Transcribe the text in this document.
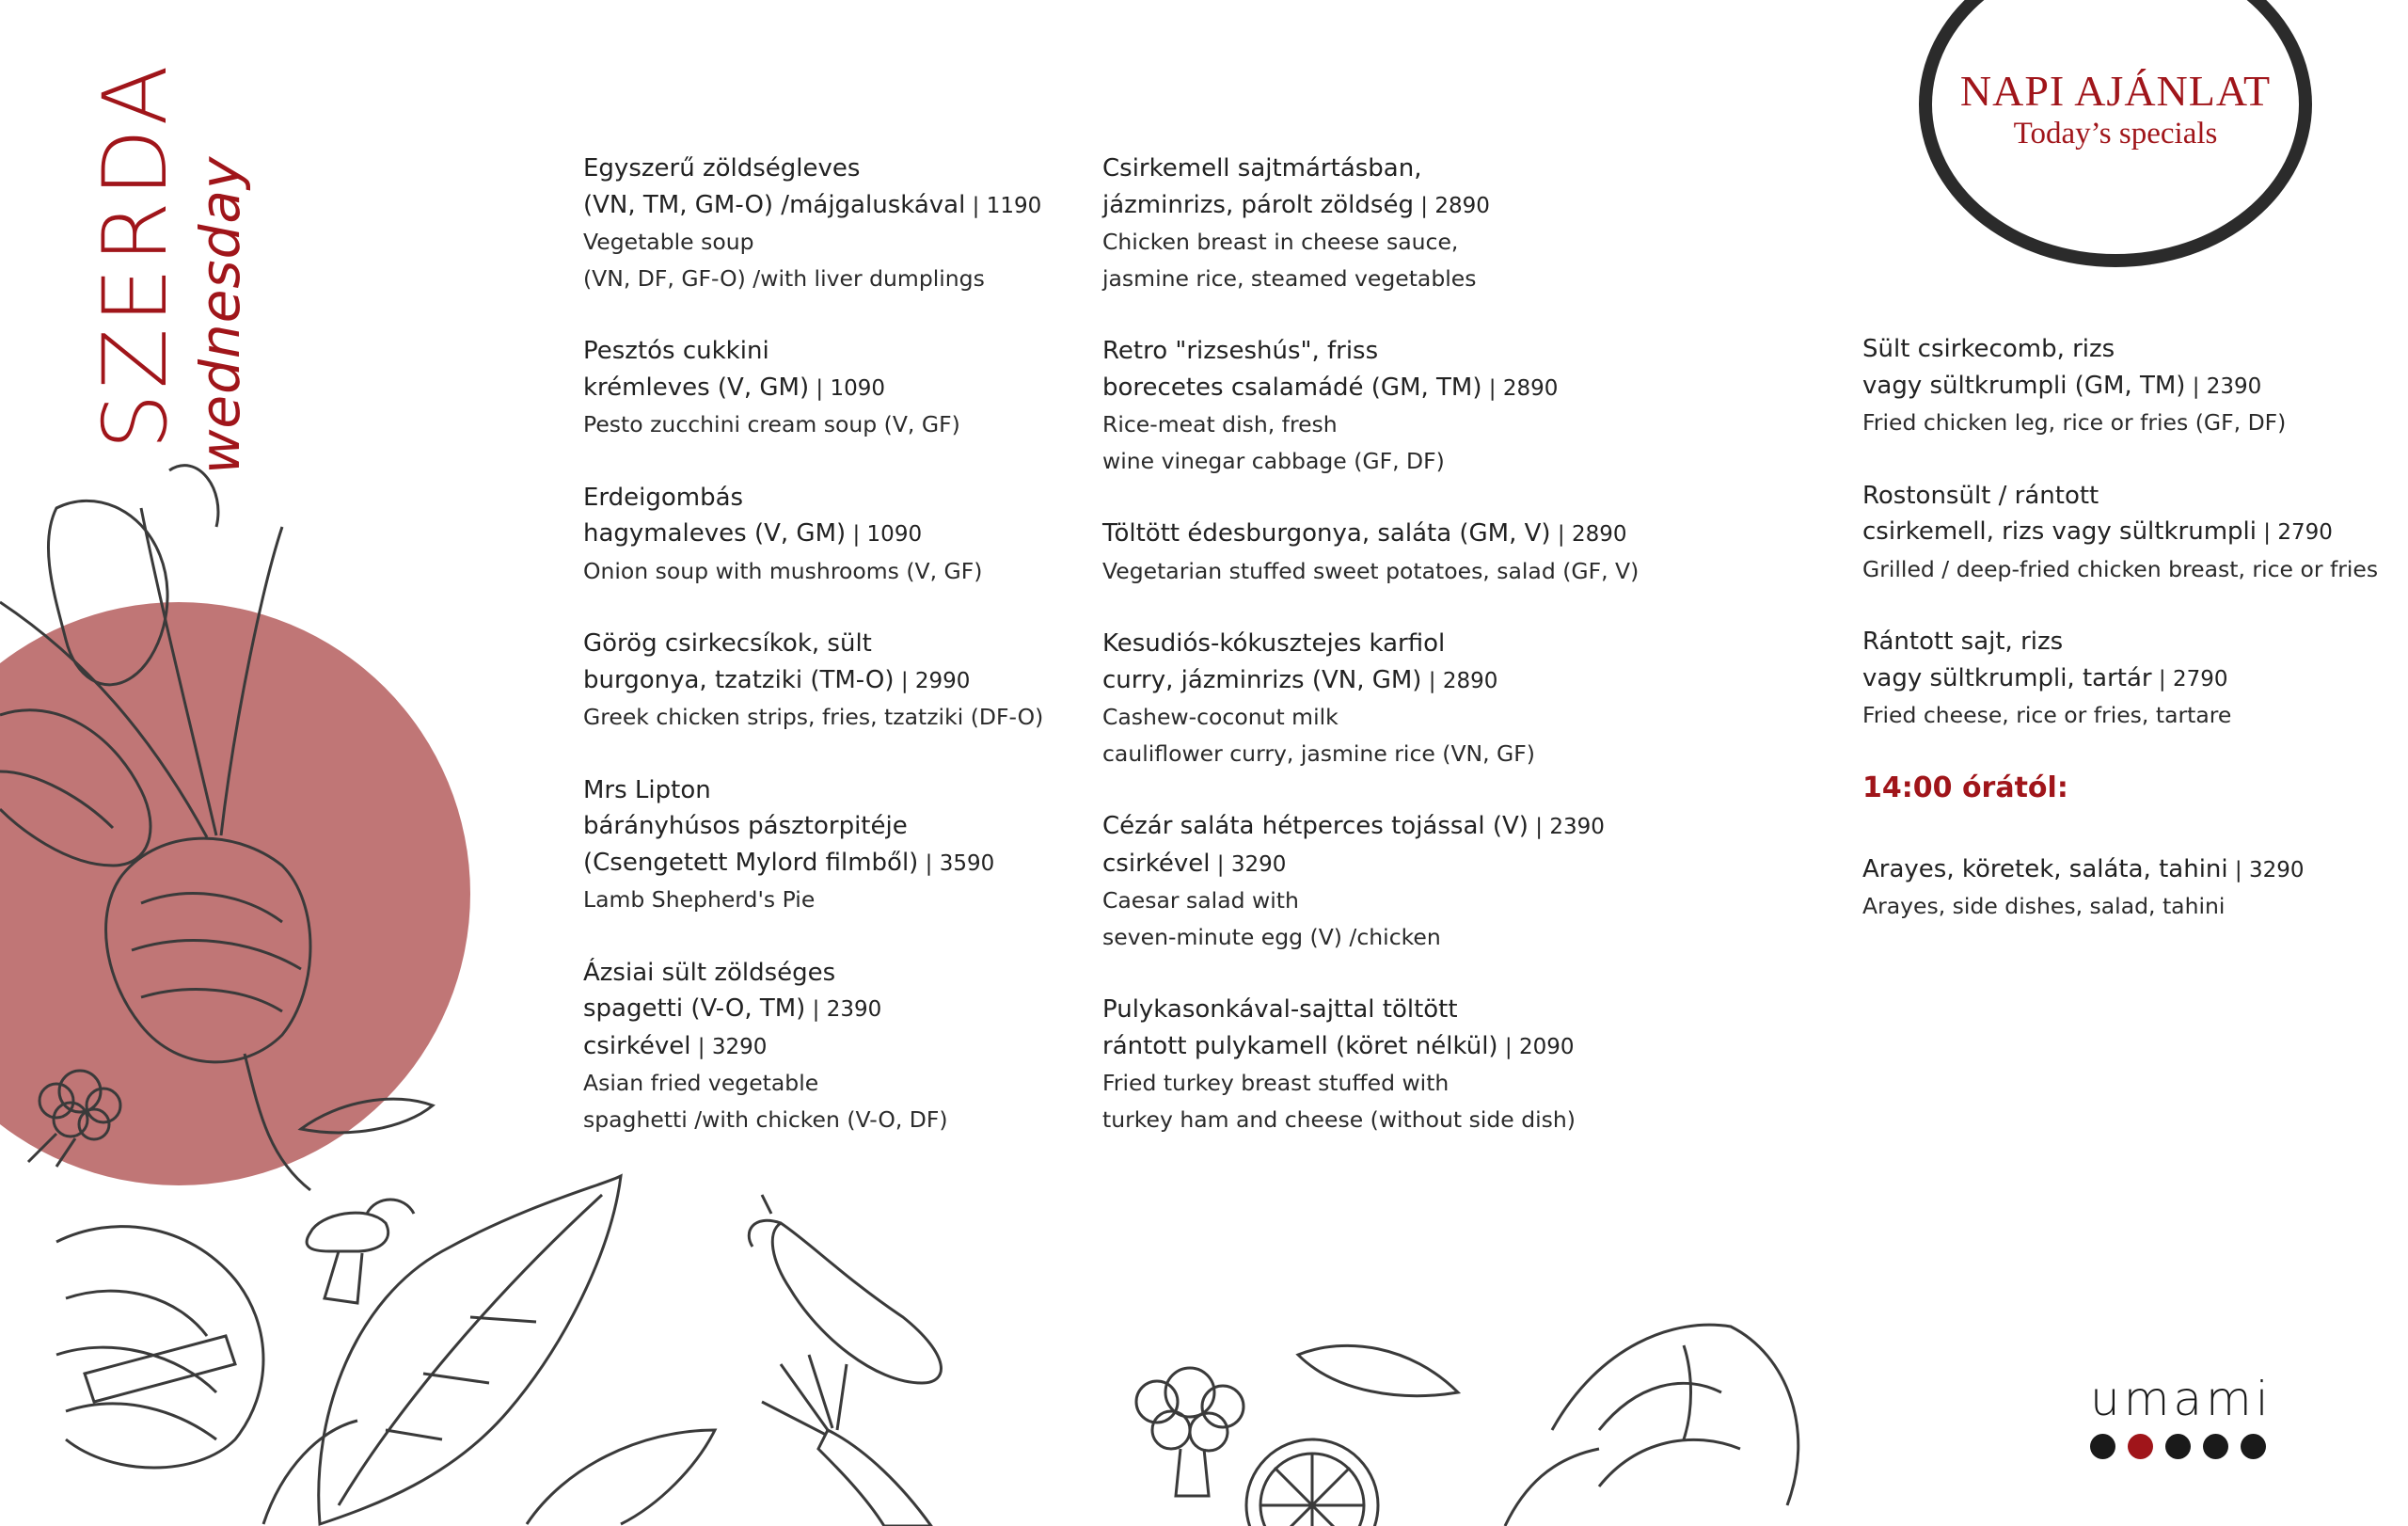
SZERDA wednesday
NAPI AJÁNLAT
Today’s specials
Egyszerű zöldségleves
(VN, TM, GM-O) /májgaluskával | 1190
Vegetable soup
(VN, DF, GF-O) /with liver dumplings
Pesztós cukkini
krémleves (V, GM) | 1090
Pesto zucchini cream soup (V, GF)
Erdeigombás
hagymaleves (V, GM) | 1090
Onion soup with mushrooms (V, GF)
Görög csirkecsíkok, sült
burgonya, tzatziki (TM-O) | 2990
Greek chicken strips, fries, tzatziki (DF-O)
Mrs Lipton
bárányhúsos pásztorpitéje
(Csengetett Mylord filmből) | 3590
Lamb Shepherd's Pie
Ázsiai sült zöldséges
spagetti (V-O, TM) | 2390
csirkével | 3290
Asian fried vegetable
spaghetti /with chicken (V-O, DF)
Csirkemell sajtmártásban,
jázminrizs, párolt zöldség | 2890
Chicken breast in cheese sauce,
jasmine rice, steamed vegetables
Retro "rizseshús", friss
borecetes csalamádé (GM, TM) | 2890
Rice-meat dish, fresh
wine vinegar cabbage (GF, DF)
Töltött édesburgonya, saláta (GM, V) | 2890
Vegetarian stuffed sweet potatoes, salad (GF, V)
Kesudiós-kókusztejes karfiol
curry, jázminrizs (VN, GM) | 2890
Cashew-coconut milk
cauliflower curry, jasmine rice (VN, GF)
Cézár saláta hétperces tojással (V) | 2390
csirkével | 3290
Caesar salad with
seven-minute egg (V) /chicken
Pulykasonkával-sajttal töltött
rántott pulykamell (köret nélkül) | 2090
Fried turkey breast stuffed with
turkey ham and cheese (without side dish)
Sült csirkecomb, rizs
vagy sültkrumpli (GM, TM) | 2390
Fried chicken leg, rice or fries (GF, DF)
Rostonsült / rántott
csirkemell, rizs vagy sültkrumpli | 2790
Grilled / deep-fried chicken breast, rice or fries
Rántott sajt, rizs
vagy sültkrumpli, tartár | 2790
Fried cheese, rice or fries, tartare
14:00 órától:
Arayes, köretek, saláta, tahini | 3290
Arayes, side dishes, salad, tahini
umami
